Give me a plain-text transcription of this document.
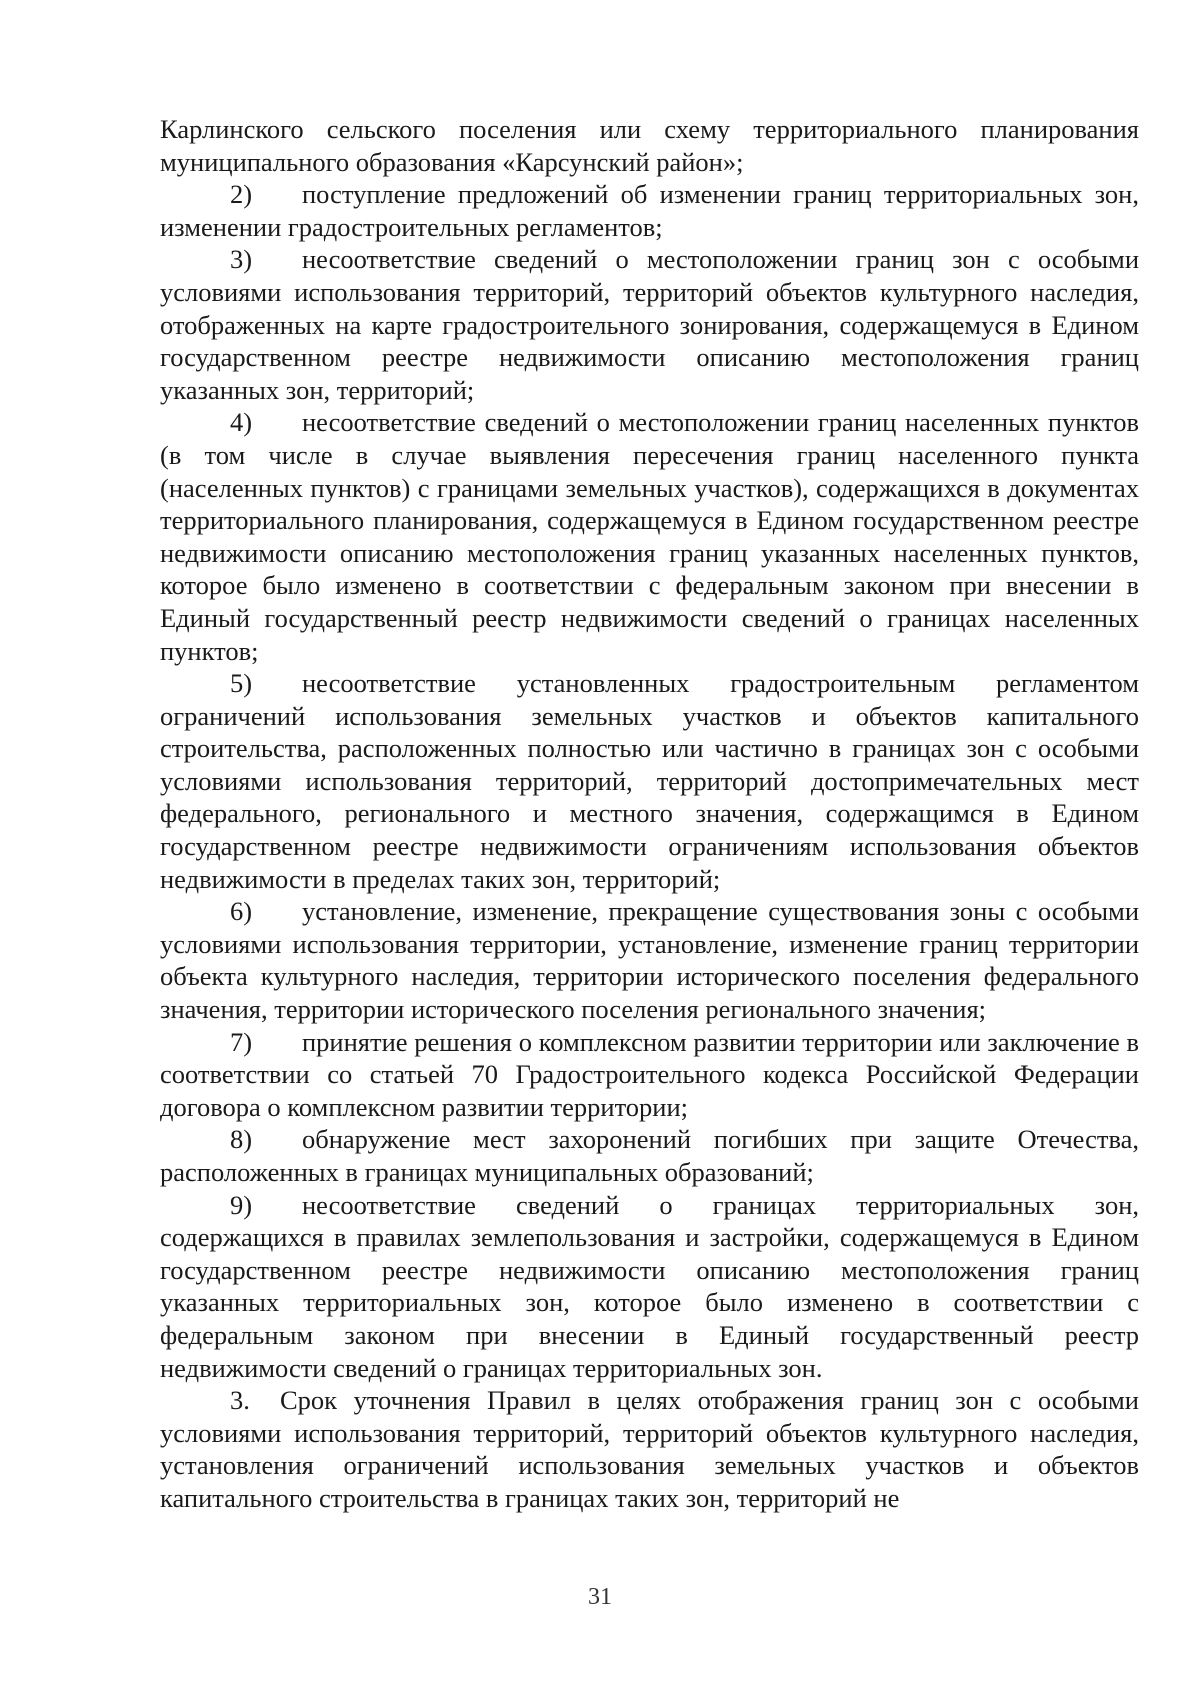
Карлинского сельского поселения или схему территориального планирования муниципального образования «Карсунский район»;

2) поступление предложений об изменении границ территориальных зон, изменении градостроительных регламентов;

3) несоответствие сведений о местоположении границ зон с особыми условиями использования территорий, территорий объектов культурного наследия, отображенных на карте градостроительного зонирования, содержащемуся в Едином государственном реестре недвижимости описанию местоположения границ указанных зон, территорий;

4) несоответствие сведений о местоположении границ населенных пунктов (в том числе в случае выявления пересечения границ населенного пункта (населенных пунктов) с границами земельных участков), содержащихся в документах территориального планирования, содержащемуся в Едином государственном реестре недвижимости описанию местоположения границ указанных населенных пунктов, которое было изменено в соответствии с федеральным законом при внесении в Единый государственный реестр недвижимости сведений о границах населенных пунктов;

5) несоответствие установленных градостроительным регламентом ограничений использования земельных участков и объектов капитального строительства, расположенных полностью или частично в границах зон с особыми условиями использования территорий, территорий достопримечательных мест федерального, регионального и местного значения, содержащимся в Едином государственном реестре недвижимости ограничениям использования объектов недвижимости в пределах таких зон, территорий;

6) установление, изменение, прекращение существования зоны с особыми условиями использования территории, установление, изменение границ территории объекта культурного наследия, территории исторического поселения федерального значения, территории исторического поселения регионального значения;

7) принятие решения о комплексном развитии территории или заключение в соответствии со статьей 70 Градостроительного кодекса Российской Федерации договора о комплексном развитии территории;

8) обнаружение мест захоронений погибших при защите Отечества, расположенных в границах муниципальных образований;

9) несоответствие сведений о границах территориальных зон, содержащихся в правилах землепользования и застройки, содержащемуся в Едином государственном реестре недвижимости описанию местоположения границ указанных территориальных зон, которое было изменено в соответствии с федеральным законом при внесении в Единый государственный реестр недвижимости сведений о границах территориальных зон.

3. Срок уточнения Правил в целях отображения границ зон с особыми условиями использования территорий, территорий объектов культурного наследия, установления ограничений использования земельных участков и объектов капитального строительства в границах таких зон, территорий не

31
